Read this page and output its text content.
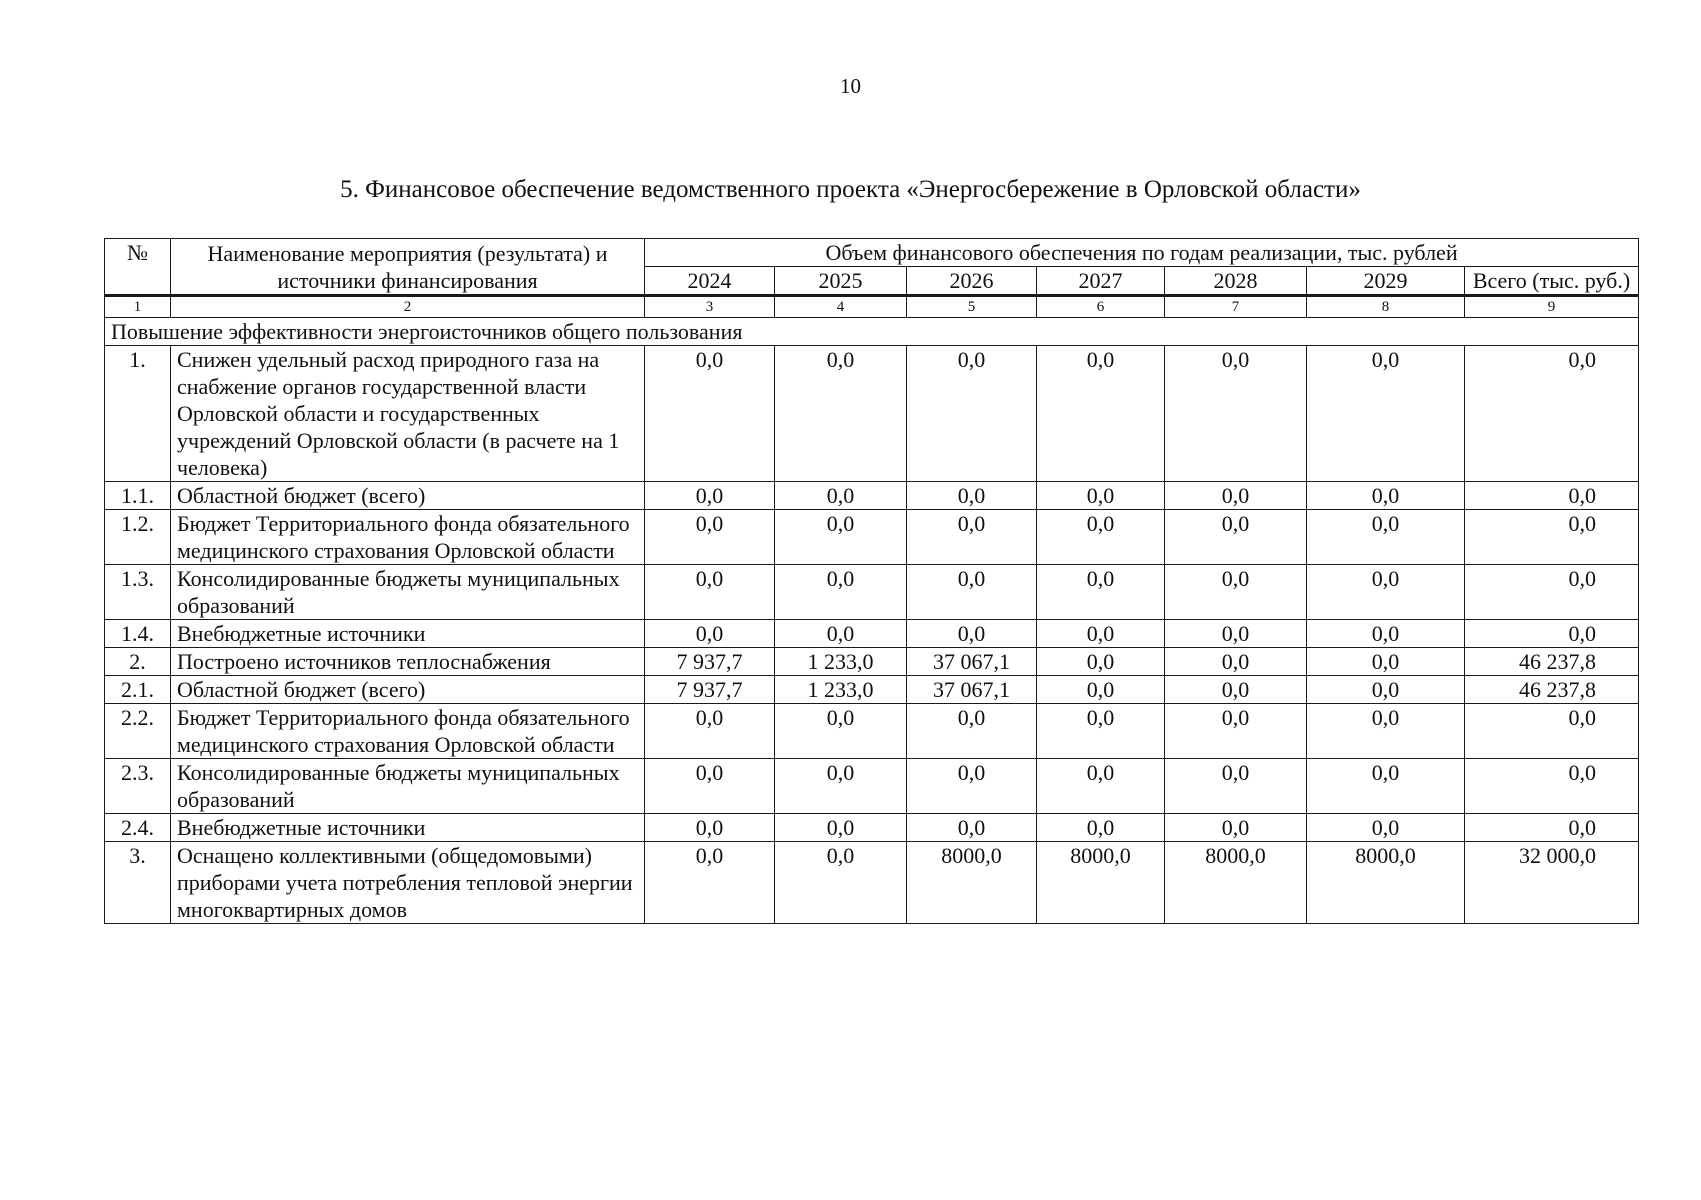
10
5. Финансовое обеспечение ведомственного проекта «Энергосбережение в Орловской области»
№	Наименование мероприятия (результата) и источники финансирования	Объем финансового обеспечения по годам реализации, тыс. рублей						
		2024	2025	2026	2027	2028	2029	Всего (тыс. руб.)
1	2	3	4	5	6	7	8	9
Повышение эффективности энергоисточников общего пользования								
1.	Снижен удельный расход природного газа на снабжение органов государственной власти Орловской области и государственных учреждений Орловской области (в расчете на 1 человека)	0,0	0,0	0,0	0,0	0,0	0,0	0,0
1.1.	Областной бюджет (всего)	0,0	0,0	0,0	0,0	0,0	0,0	0,0
1.2.	Бюджет Территориального фонда обязательного медицинского страхования Орловской области	0,0	0,0	0,0	0,0	0,0	0,0	0,0
1.3.	Консолидированные бюджеты муниципальных образований	0,0	0,0	0,0	0,0	0,0	0,0	0,0
1.4.	Внебюджетные источники	0,0	0,0	0,0	0,0	0,0	0,0	0,0
2.	Построено источников теплоснабжения	7 937,7	1 233,0	37 067,1	0,0	0,0	0,0	46 237,8
2.1.	Областной бюджет (всего)	7 937,7	1 233,0	37 067,1	0,0	0,0	0,0	46 237,8
2.2.	Бюджет Территориального фонда обязательного медицинского страхования Орловской области	0,0	0,0	0,0	0,0	0,0	0,0	0,0
2.3.	Консолидированные бюджеты муниципальных образований	0,0	0,0	0,0	0,0	0,0	0,0	0,0
2.4.	Внебюджетные источники	0,0	0,0	0,0	0,0	0,0	0,0	0,0
3.	Оснащено коллективными (общедомовыми) приборами учета потребления тепловой энергии многоквартирных домов	0,0	0,0	8000,0	8000,0	8000,0	8000,0	32 000,0
